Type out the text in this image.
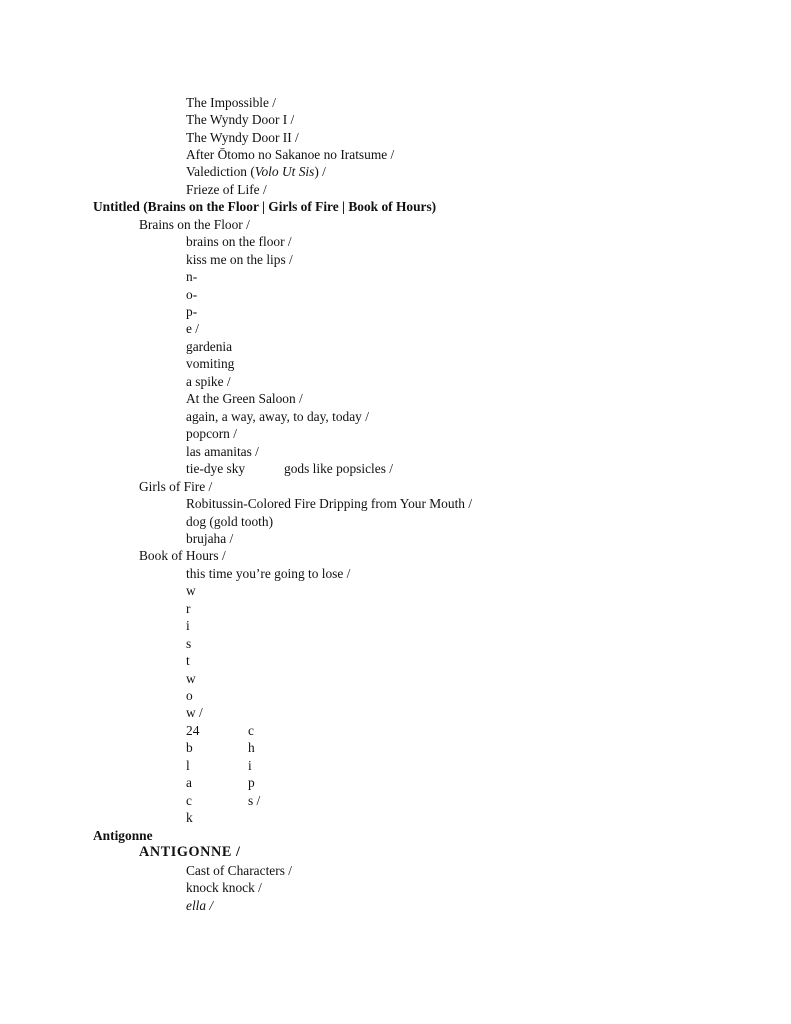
The Impossible /
The Wyndy Door I /
The Wyndy Door II /
After Ōtomo no Sakanoe no Iratsume /
Valediction (Volo Ut Sis) /
Frieze of Life /
Untitled (Brains on the Floor | Girls of Fire | Book of Hours)
Brains on the Floor /
brains on the floor /
kiss me on the lips /
n-
o-
p-
e /
gardenia
vomiting
a spike /
At the Green Saloon /
again, a way, away, to day, today /
popcorn /
las amanitas /
tie-dye sky	gods like popsicles /
Girls of Fire /
Robitussin-Colored Fire Dripping from Your Mouth /
dog (gold tooth)
brujaha /
Book of Hours /
this time you’re going to lose /
w
r
i
s
t
w
o
w /
24	c
b	h
l	i
a	p
c	s /
k
Antigonne
ANTIGONNE /
Cast of Characters /
knock knock /
ella /
